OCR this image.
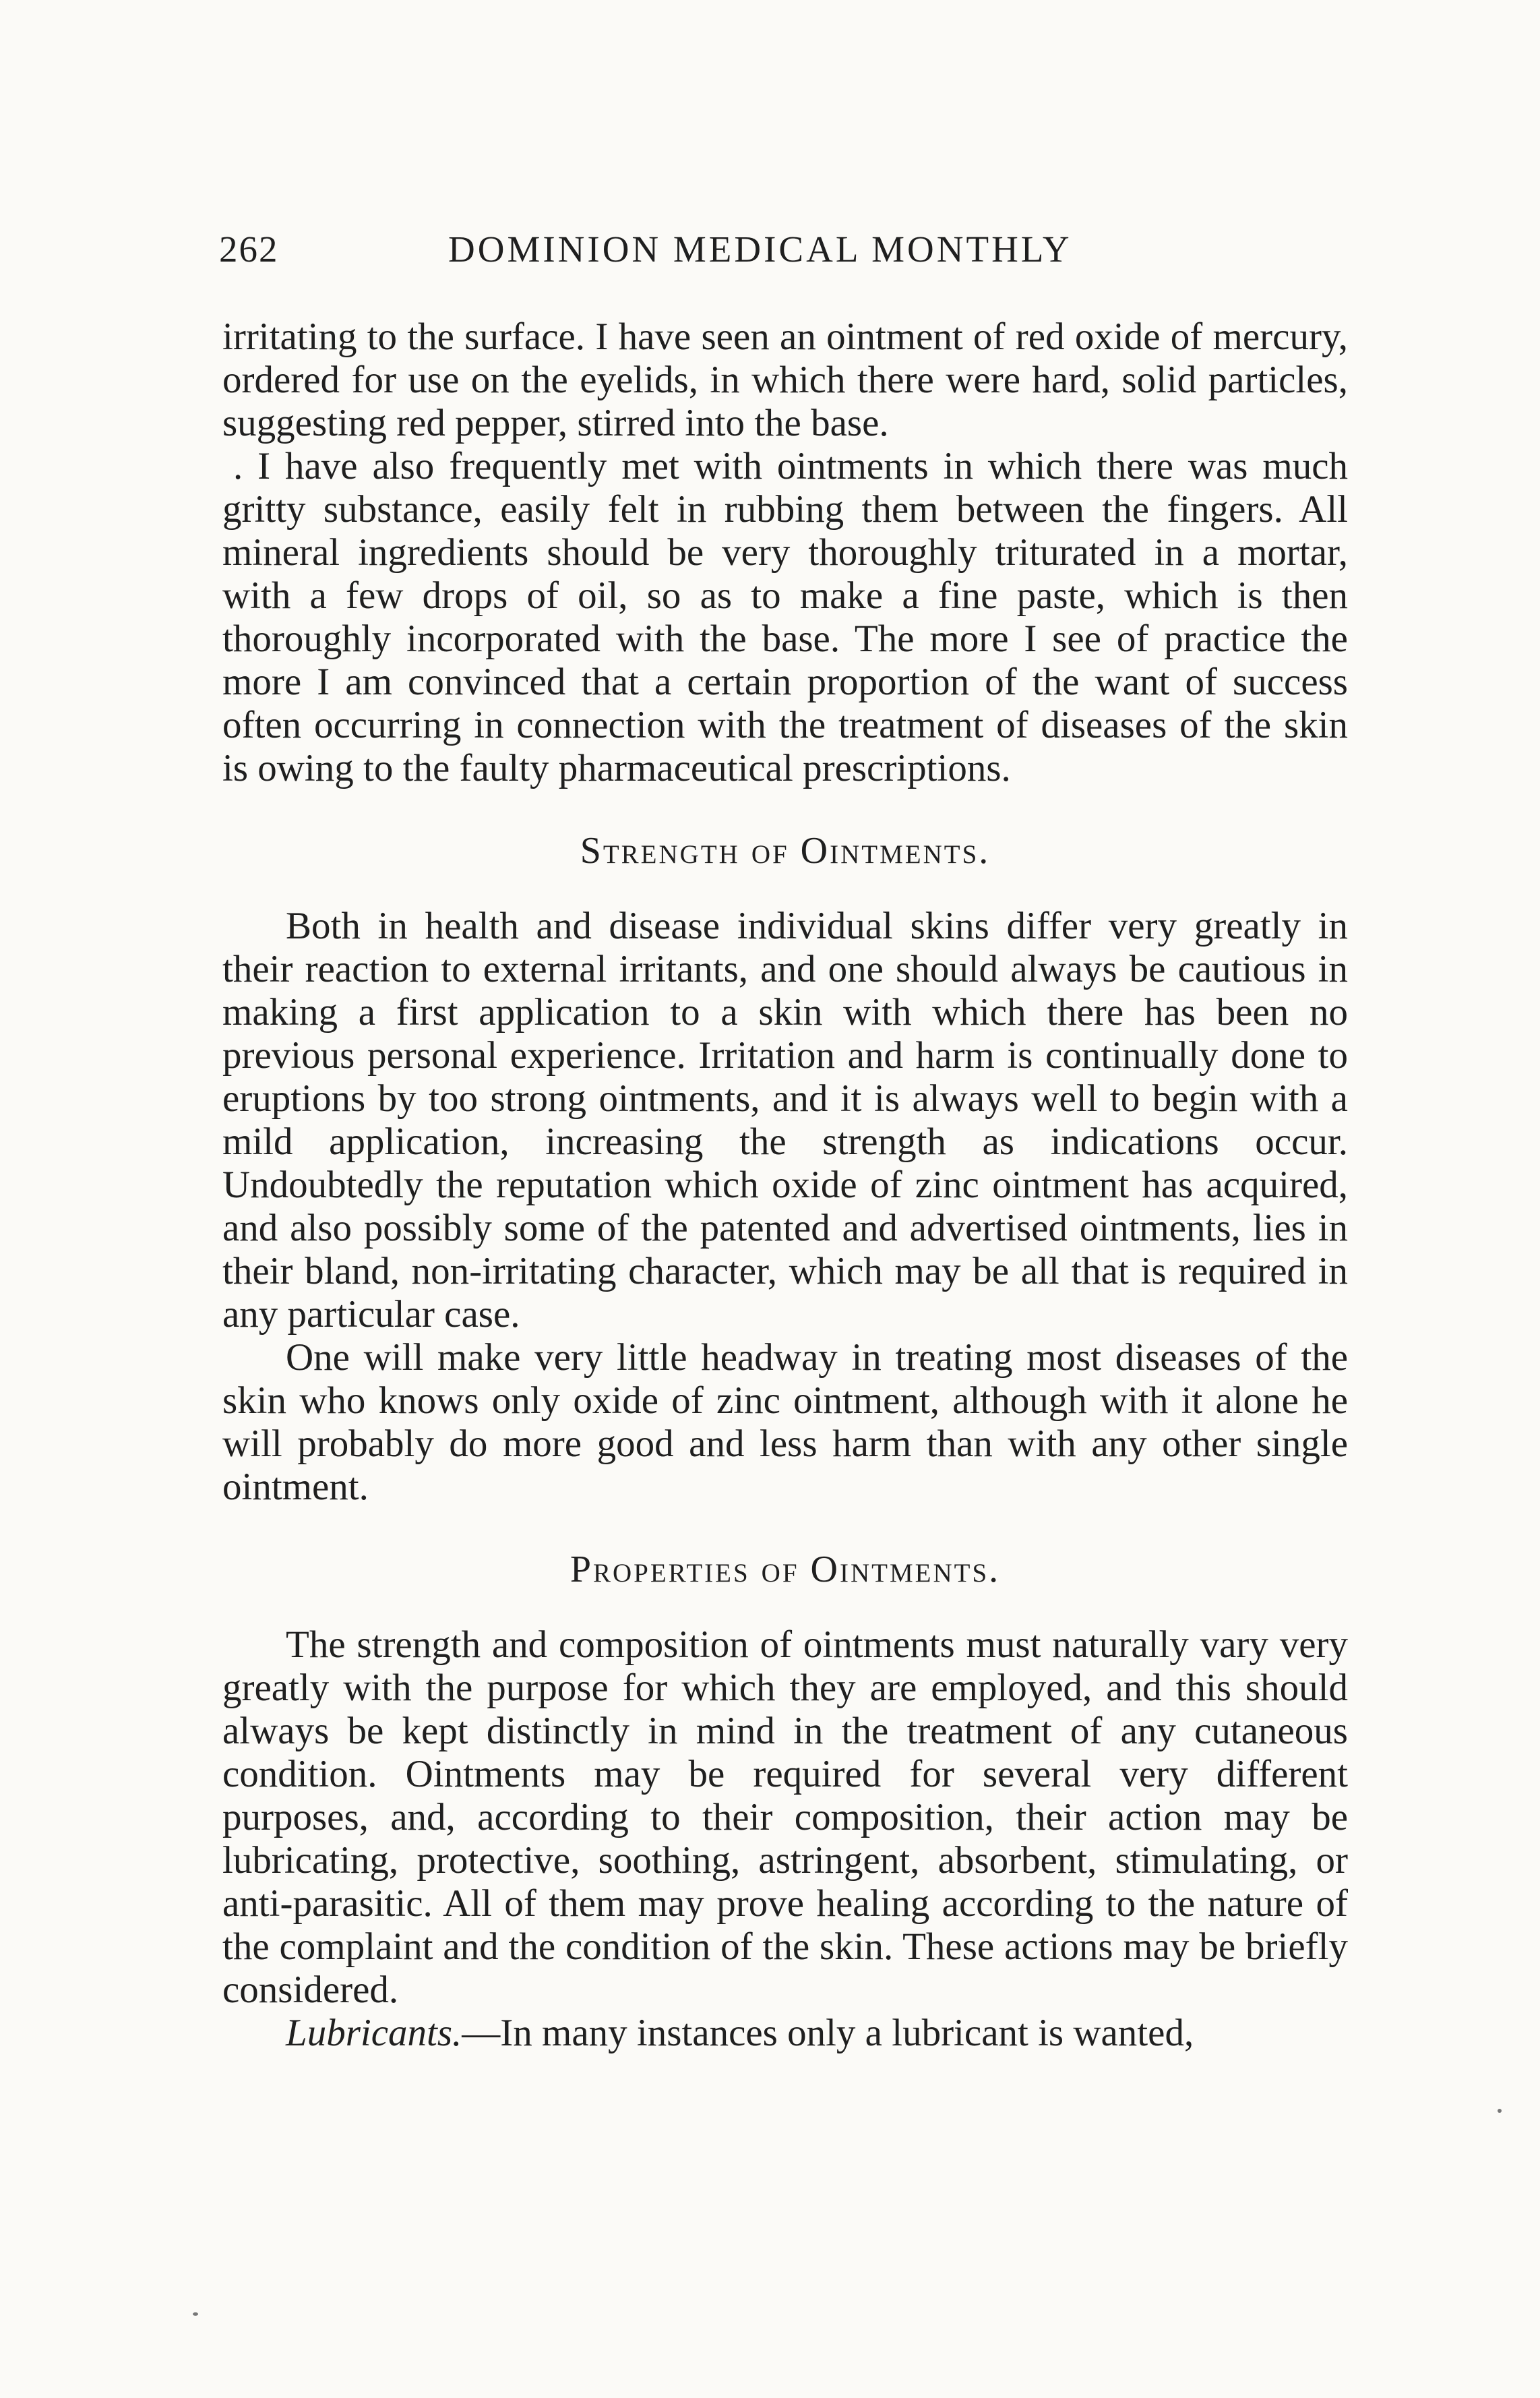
262	DOMINION MEDICAL MONTHLY

irritating to the surface. I have seen an ointment of red oxide of mercury, ordered for use on the eyelids, in which there were hard, solid particles, suggesting red pepper, stirred into the base.

. I have also frequently met with ointments in which there was much gritty substance, easily felt in rubbing them between the fingers. All mineral ingredients should be very thoroughly triturated in a mortar, with a few drops of oil, so as to make a fine paste, which is then thoroughly incorporated with the base. The more I see of practice the more I am convinced that a certain proportion of the want of success often occurring in connection with the treatment of diseases of the skin is owing to the faulty pharmaceutical prescriptions.

Strength of Ointments.

Both in health and disease individual skins differ very greatly in their reaction to external irritants, and one should always be cautious in making a first application to a skin with which there has been no previous personal experience. Irritation and harm is continually done to eruptions by too strong ointments, and it is always well to begin with a mild application, increasing the strength as indications occur. Undoubtedly the reputation which oxide of zinc ointment has acquired, and also possibly some of the patented and advertised ointments, lies in their bland, non-irritating character, which may be all that is required in any particular case.

One will make very little headway in treating most diseases of the skin who knows only oxide of zinc ointment, although with it alone he will probably do more good and less harm than with any other single ointment.

Properties of Ointments.

The strength and composition of ointments must naturally vary very greatly with the purpose for which they are employed, and this should always be kept distinctly in mind in the treatment of any cutaneous condition. Ointments may be required for several very different purposes, and, according to their composition, their action may be lubricating, protective, soothing, astringent, absorbent, stimulating, or anti-parasitic. All of them may prove healing according to the nature of the complaint and the condition of the skin. These actions may be briefly considered.

Lubricants.—In many instances only a lubricant is wanted,
